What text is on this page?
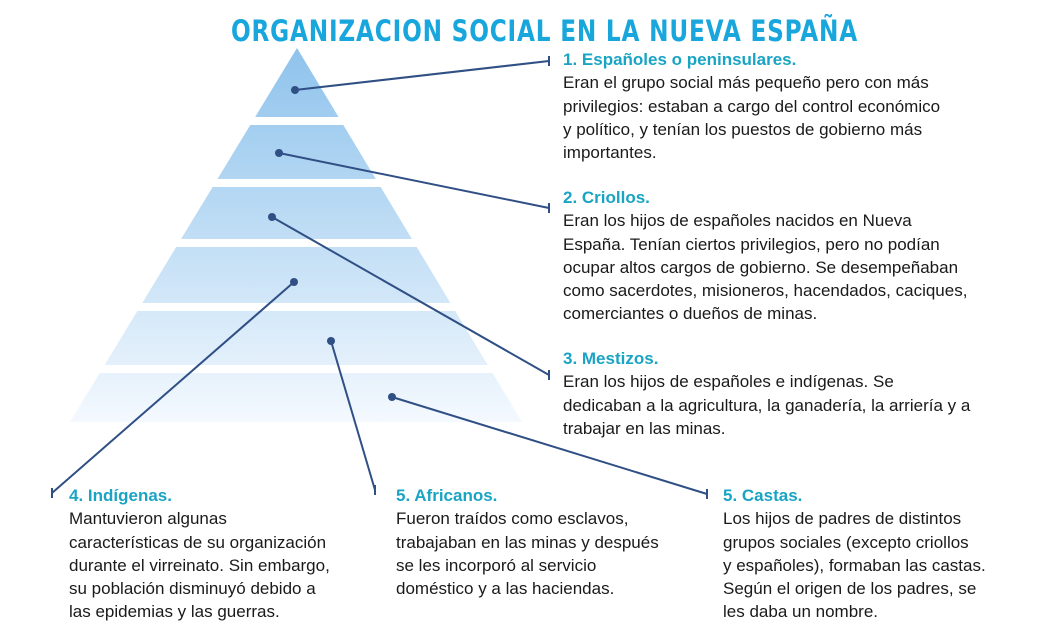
ORGANIZACION SOCIAL EN LA NUEVA ESPAÑA
1. Españoles o peninsulares.
Eran el grupo social más pequeño pero con más
privilegios: estaban a cargo del control económico
y político, y tenían los puestos de gobierno más
importantes.
2. Criollos.
Eran los hijos de españoles nacidos en Nueva
España. Tenían ciertos privilegios, pero no podían
ocupar altos cargos de gobierno. Se desempeñaban
como sacerdotes, misioneros, hacendados, caciques,
comerciantes o dueños de minas.
3. Mestizos.
Eran los hijos de españoles e indígenas. Se
dedicaban a la agricultura, la ganadería, la arriería y a
trabajar en las minas.
4. Indígenas.
Mantuvieron algunas
características de su organización
durante el virreinato. Sin embargo,
su población disminuyó debido a
las epidemias y las guerras.
5. Africanos.
Fueron traídos como esclavos,
trabajaban en las minas y después
se les incorporó al servicio
doméstico y a las haciendas.
5. Castas.
Los hijos de padres de distintos
grupos sociales (excepto criollos
y españoles), formaban las castas.
Según el origen de los padres, se
les daba un nombre.
